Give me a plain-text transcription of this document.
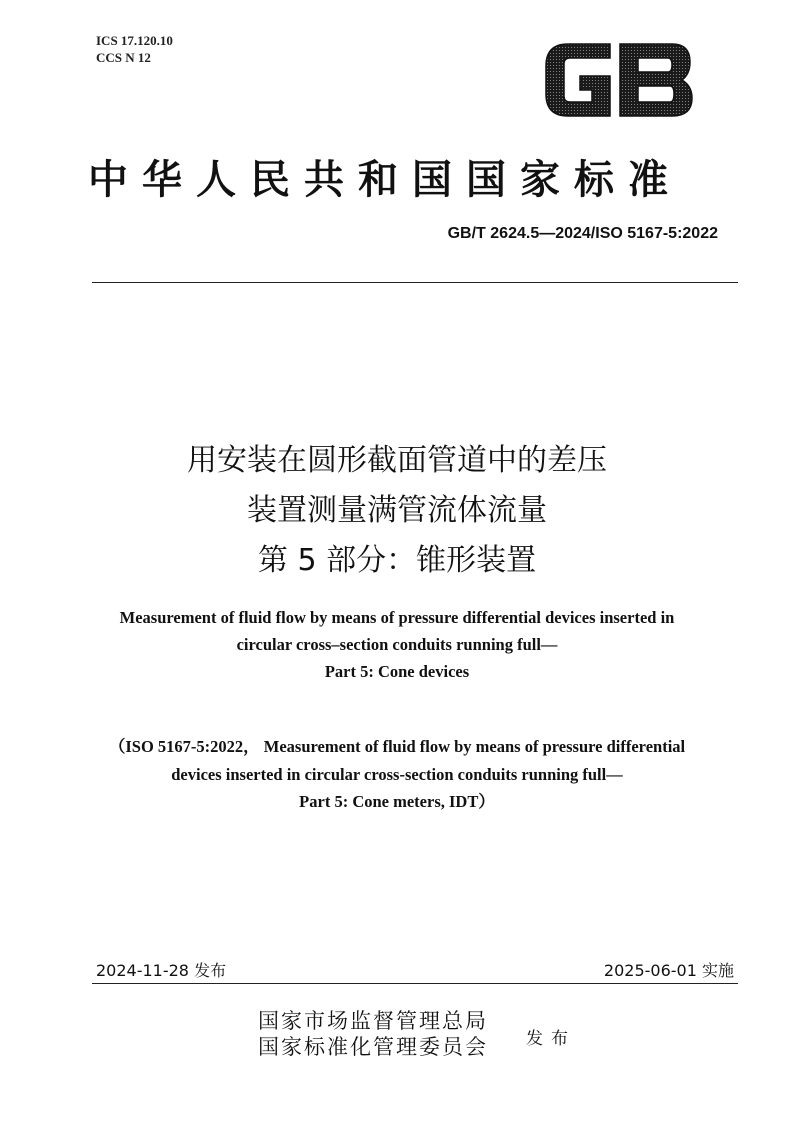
ICS 17.120.10
CCS N 12
中华人民共和国国家标准
GB/T 2624.5—2024/ISO 5167-5:2022
用安装在圆形截面管道中的差压
装置测量满管流体流量
第 5 部分：锥形装置
Measurement of fluid flow by means of pressure differential devices inserted in
circular cross–section conduits running full—
Part 5: Cone devices
（ISO 5167-5:2022， Measurement of fluid flow by means of pressure differential
devices inserted in circular cross-section conduits running full—
Part 5: Cone meters, IDT）
2024-11-28 发布	2025-06-01 实施
国家市场监督管理总局
国家标准化管理委员会 发布
